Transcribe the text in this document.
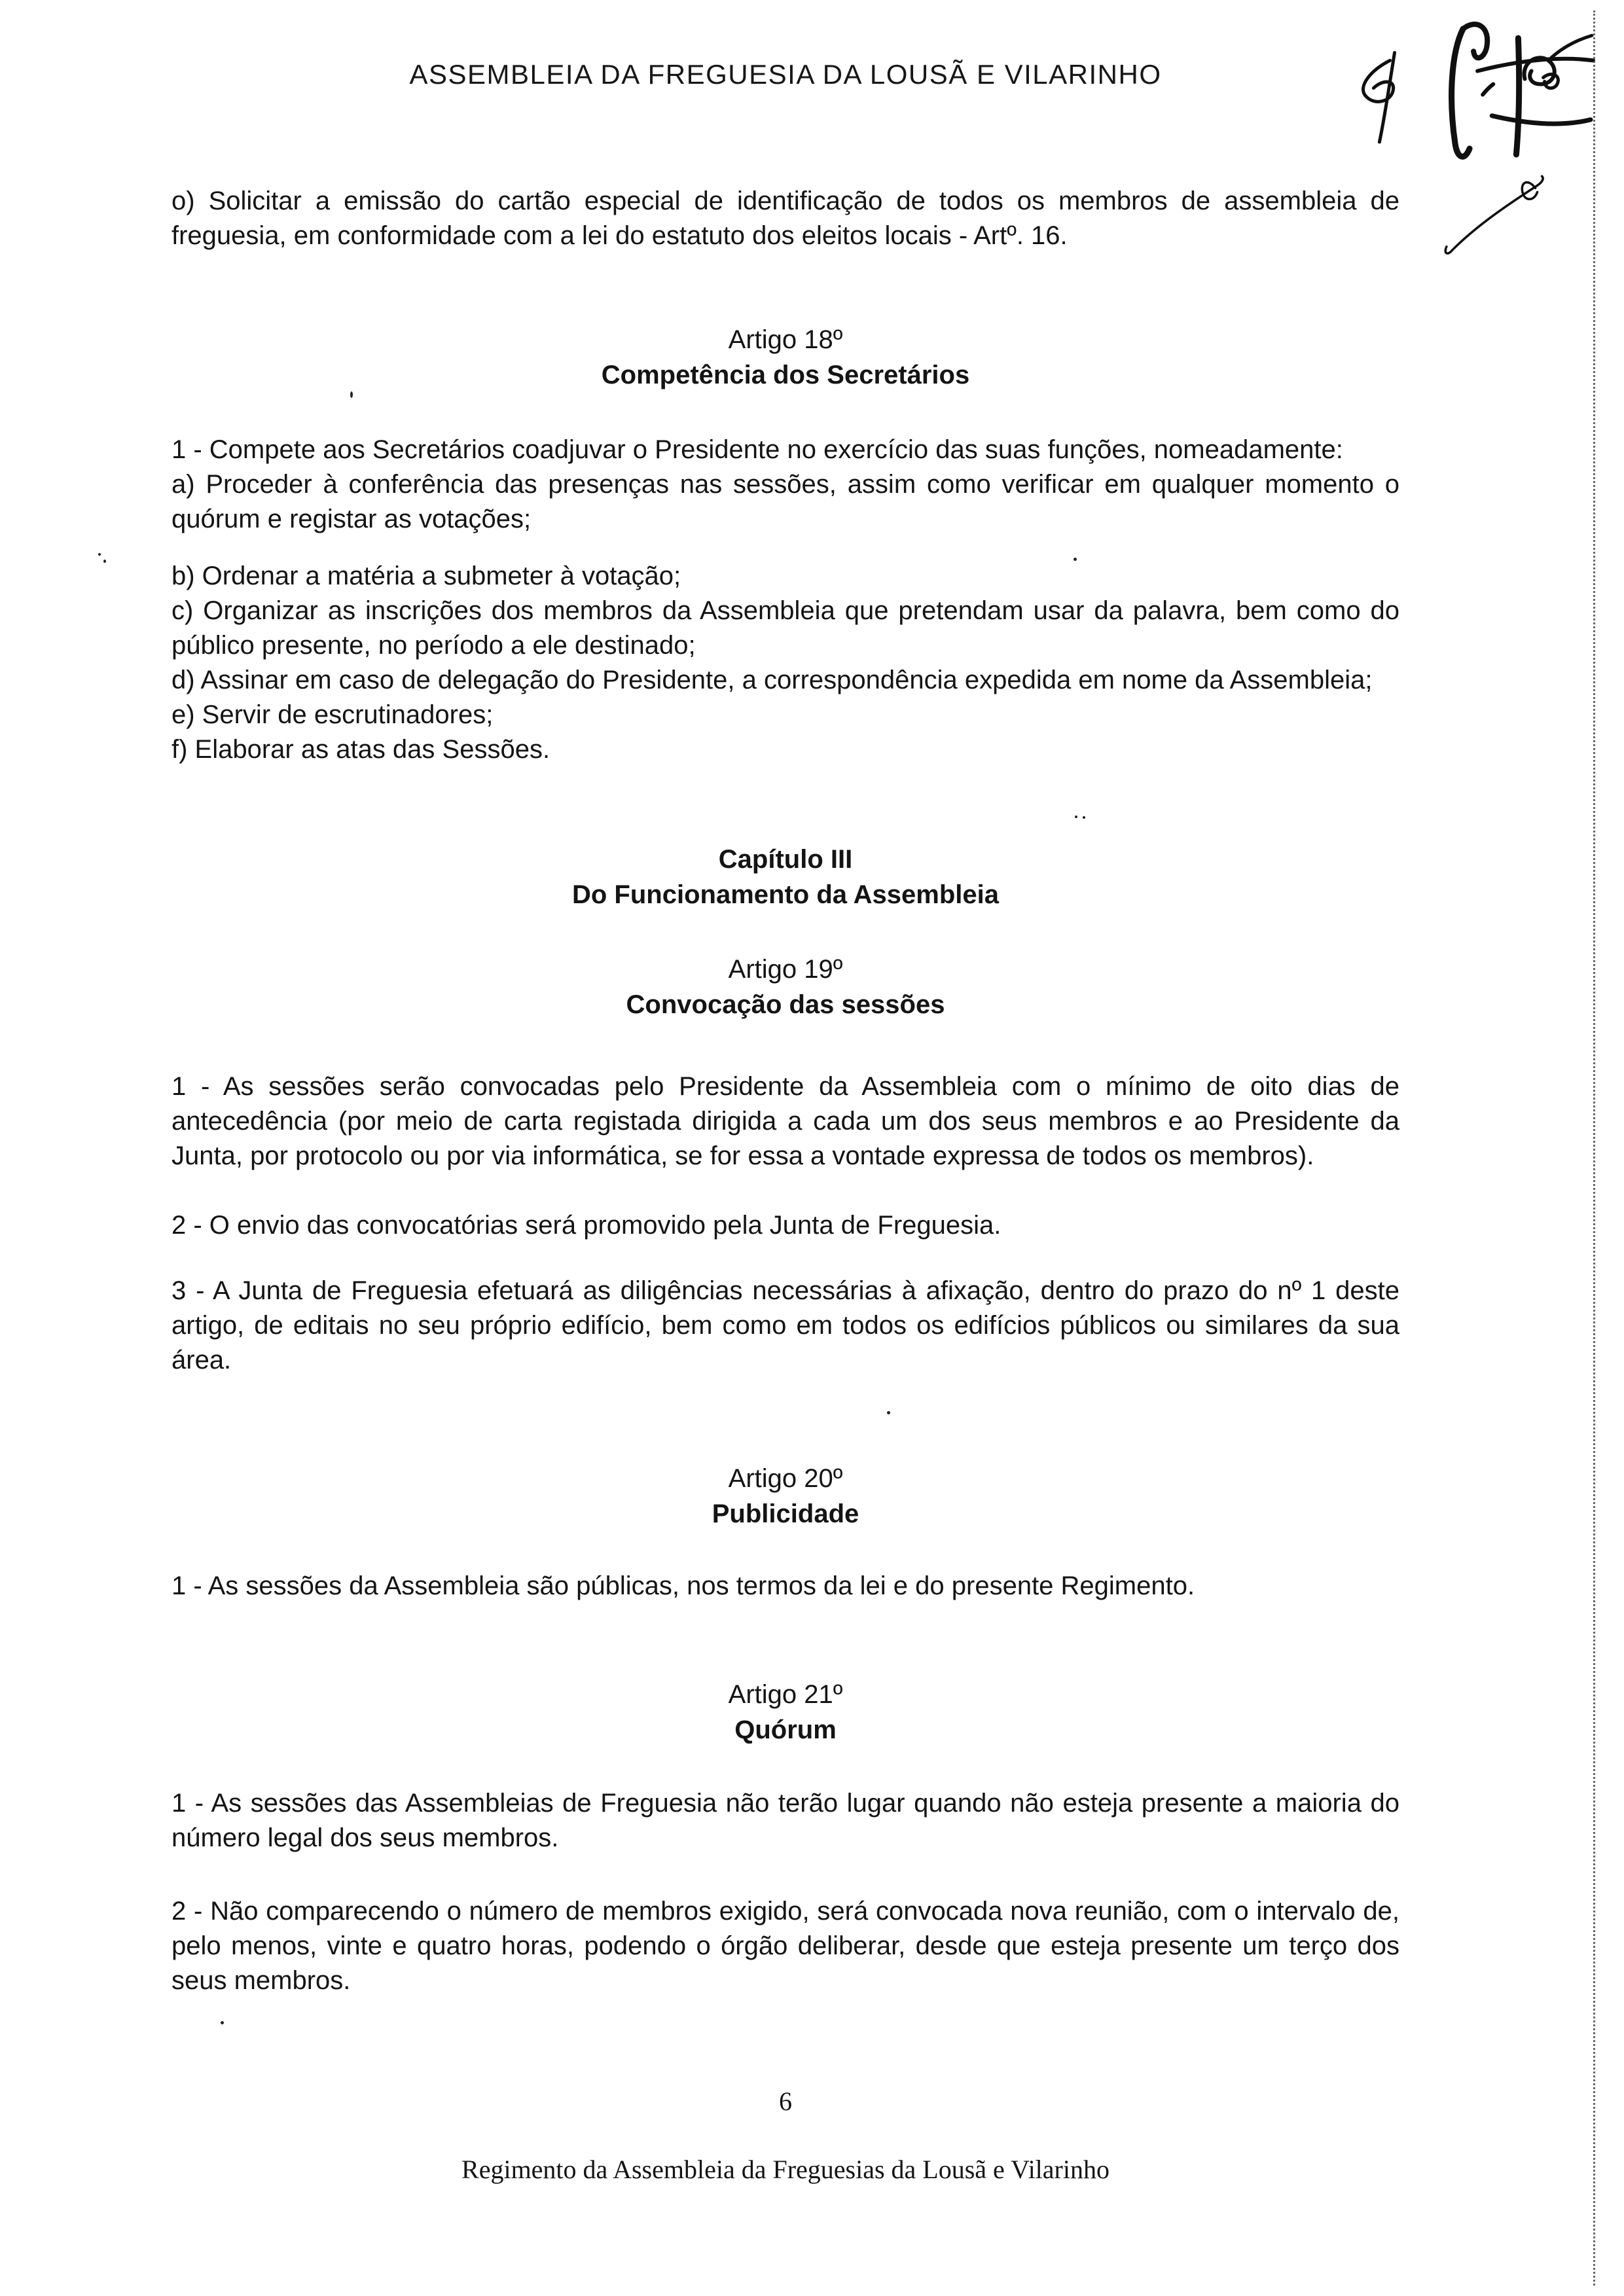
ASSEMBLEIA DA FREGUESIA DA LOUSÃ E VILARINHO

o) Solicitar a emissão do cartão especial de identificação de todos os membros de assembleia de freguesia, em conformidade com a lei do estatuto dos eleitos locais - Artº. 16.

Artigo 18º
Competência dos Secretários

1 - Compete aos Secretários coadjuvar o Presidente no exercício das suas funções, nomeadamente:

a) Proceder à conferência das presenças nas sessões, assim como verificar em qualquer momento o quórum e registar as votações;

b) Ordenar a matéria a submeter à votação;

c) Organizar as inscrições dos membros da Assembleia que pretendam usar da palavra, bem como do público presente, no período a ele destinado;

d) Assinar em caso de delegação do Presidente, a correspondência expedida em nome da Assembleia;

e) Servir de escrutinadores;

f) Elaborar as atas das Sessões.

Capítulo III
Do Funcionamento da Assembleia
Artigo 19º
Convocação das sessões

1 - As sessões serão convocadas pelo Presidente da Assembleia com o mínimo de oito dias de antecedência (por meio de carta registada dirigida a cada um dos seus membros e ao Presidente da Junta, por protocolo ou por via informática, se for essa a vontade expressa de todos os membros).

2 - O envio das convocatórias será promovido pela Junta de Freguesia.

3 - A Junta de Freguesia efetuará as diligências necessárias à afixação, dentro do prazo do nº 1 deste artigo, de editais no seu próprio edifício, bem como em todos os edifícios públicos ou similares da sua área.

Artigo 20º
Publicidade

1 - As sessões da Assembleia são públicas, nos termos da lei e do presente Regimento.

Artigo 21º
Quórum

1 - As sessões das Assembleias de Freguesia não terão lugar quando não esteja presente a maioria do número legal dos seus membros.

2 - Não comparecendo o número de membros exigido, será convocada nova reunião, com o intervalo de, pelo menos, vinte e quatro horas, podendo o órgão deliberar, desde que esteja presente um terço dos seus membros.

6
Regimento da Assembleia da Freguesias da Lousã e Vilarinho
